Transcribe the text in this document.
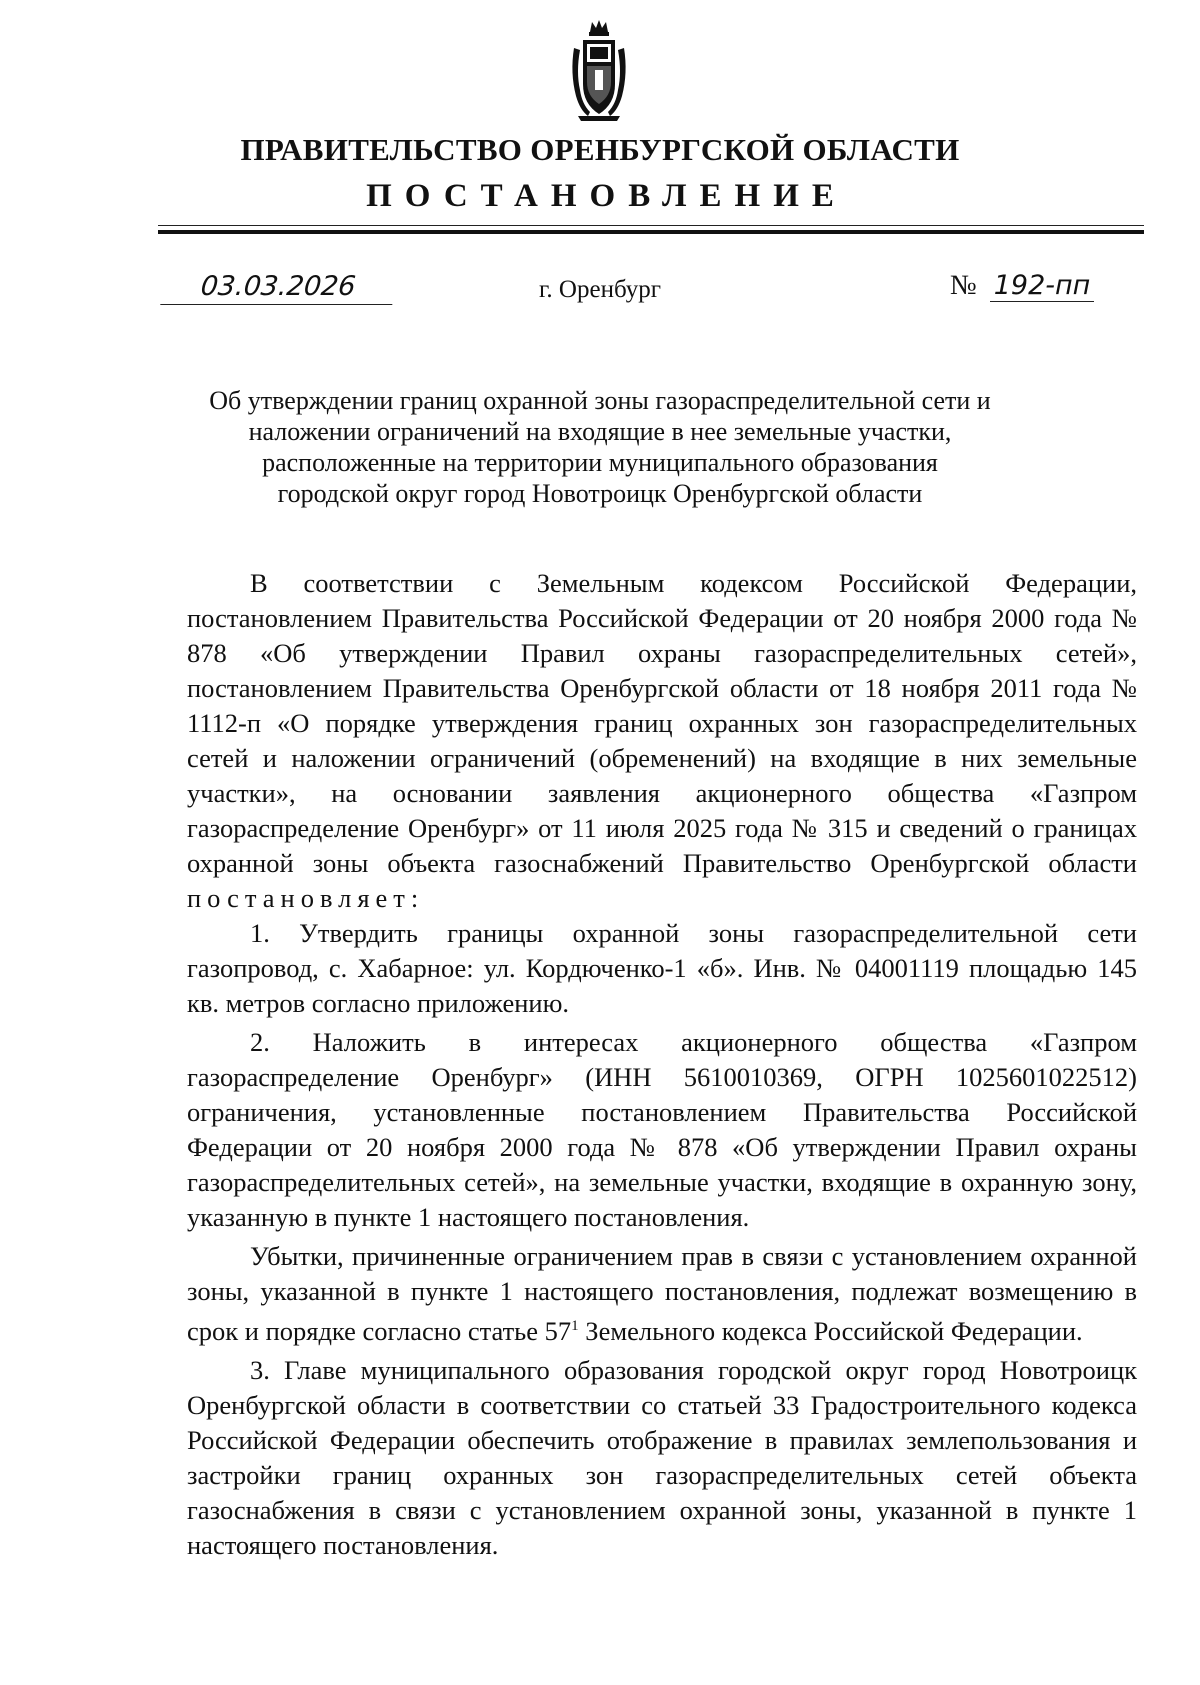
ПРАВИТЕЛЬСТВО ОРЕНБУРГСКОЙ ОБЛАСТИ
ПОСТАНОВЛЕНИЕ
03.03.2026	г. Оренбург	№ 192-пп
Об утверждении границ охранной зоны газораспределительной сети и
наложении ограничений на входящие в нее земельные участки,
расположенные на территории муниципального образования
городской округ город Новотроицк Оренбургской области

В соответствии с Земельным кодексом Российской Федерации, постановлением Правительства Российской Федерации от 20 ноября 2000 года № 878 «Об утверждении Правил охраны газораспределительных сетей», постановлением Правительства Оренбургской области от 18 ноября 2011 года № 1112-п «О порядке утверждения границ охранных зон газораспределительных сетей и наложении ограничений (обременений) на входящие в них земельные участки», на основании заявления акционерного общества «Газпром газораспределение Оренбург» от 11 июля 2025 года № 315 и сведений о границах охранной зоны объекта газоснабжений Правительство Оренбургской области постановляет:

1. Утвердить границы охранной зоны газораспределительной сети газопровод, с. Хабарное: ул. Кордюченко-1 «б». Инв. № 04001119 площадью 145 кв. метров согласно приложению.

2. Наложить в интересах акционерного общества «Газпром газораспределение Оренбург» (ИНН 5610010369, ОГРН 1025601022512) ограничения, установленные постановлением Правительства Российской Федерации от 20 ноября 2000 года № 878 «Об утверждении Правил охраны газораспределительных сетей», на земельные участки, входящие в охранную зону, указанную в пункте 1 настоящего постановления.

Убытки, причиненные ограничением прав в связи с установлением охранной зоны, указанной в пункте 1 настоящего постановления, подлежат возмещению в срок и порядке согласно статье $57^1$ Земельного кодекса Российской Федерации.

3. Главе муниципального образования городской округ город Новотроицк Оренбургской области в соответствии со статьей 33 Градостроительного кодекса Российской Федерации обеспечить отображение в правилах землепользования и застройки границ охранных зон газораспределительных сетей объекта газоснабжения в связи с установлением охранной зоны, указанной в пункте 1 настоящего постановления.
